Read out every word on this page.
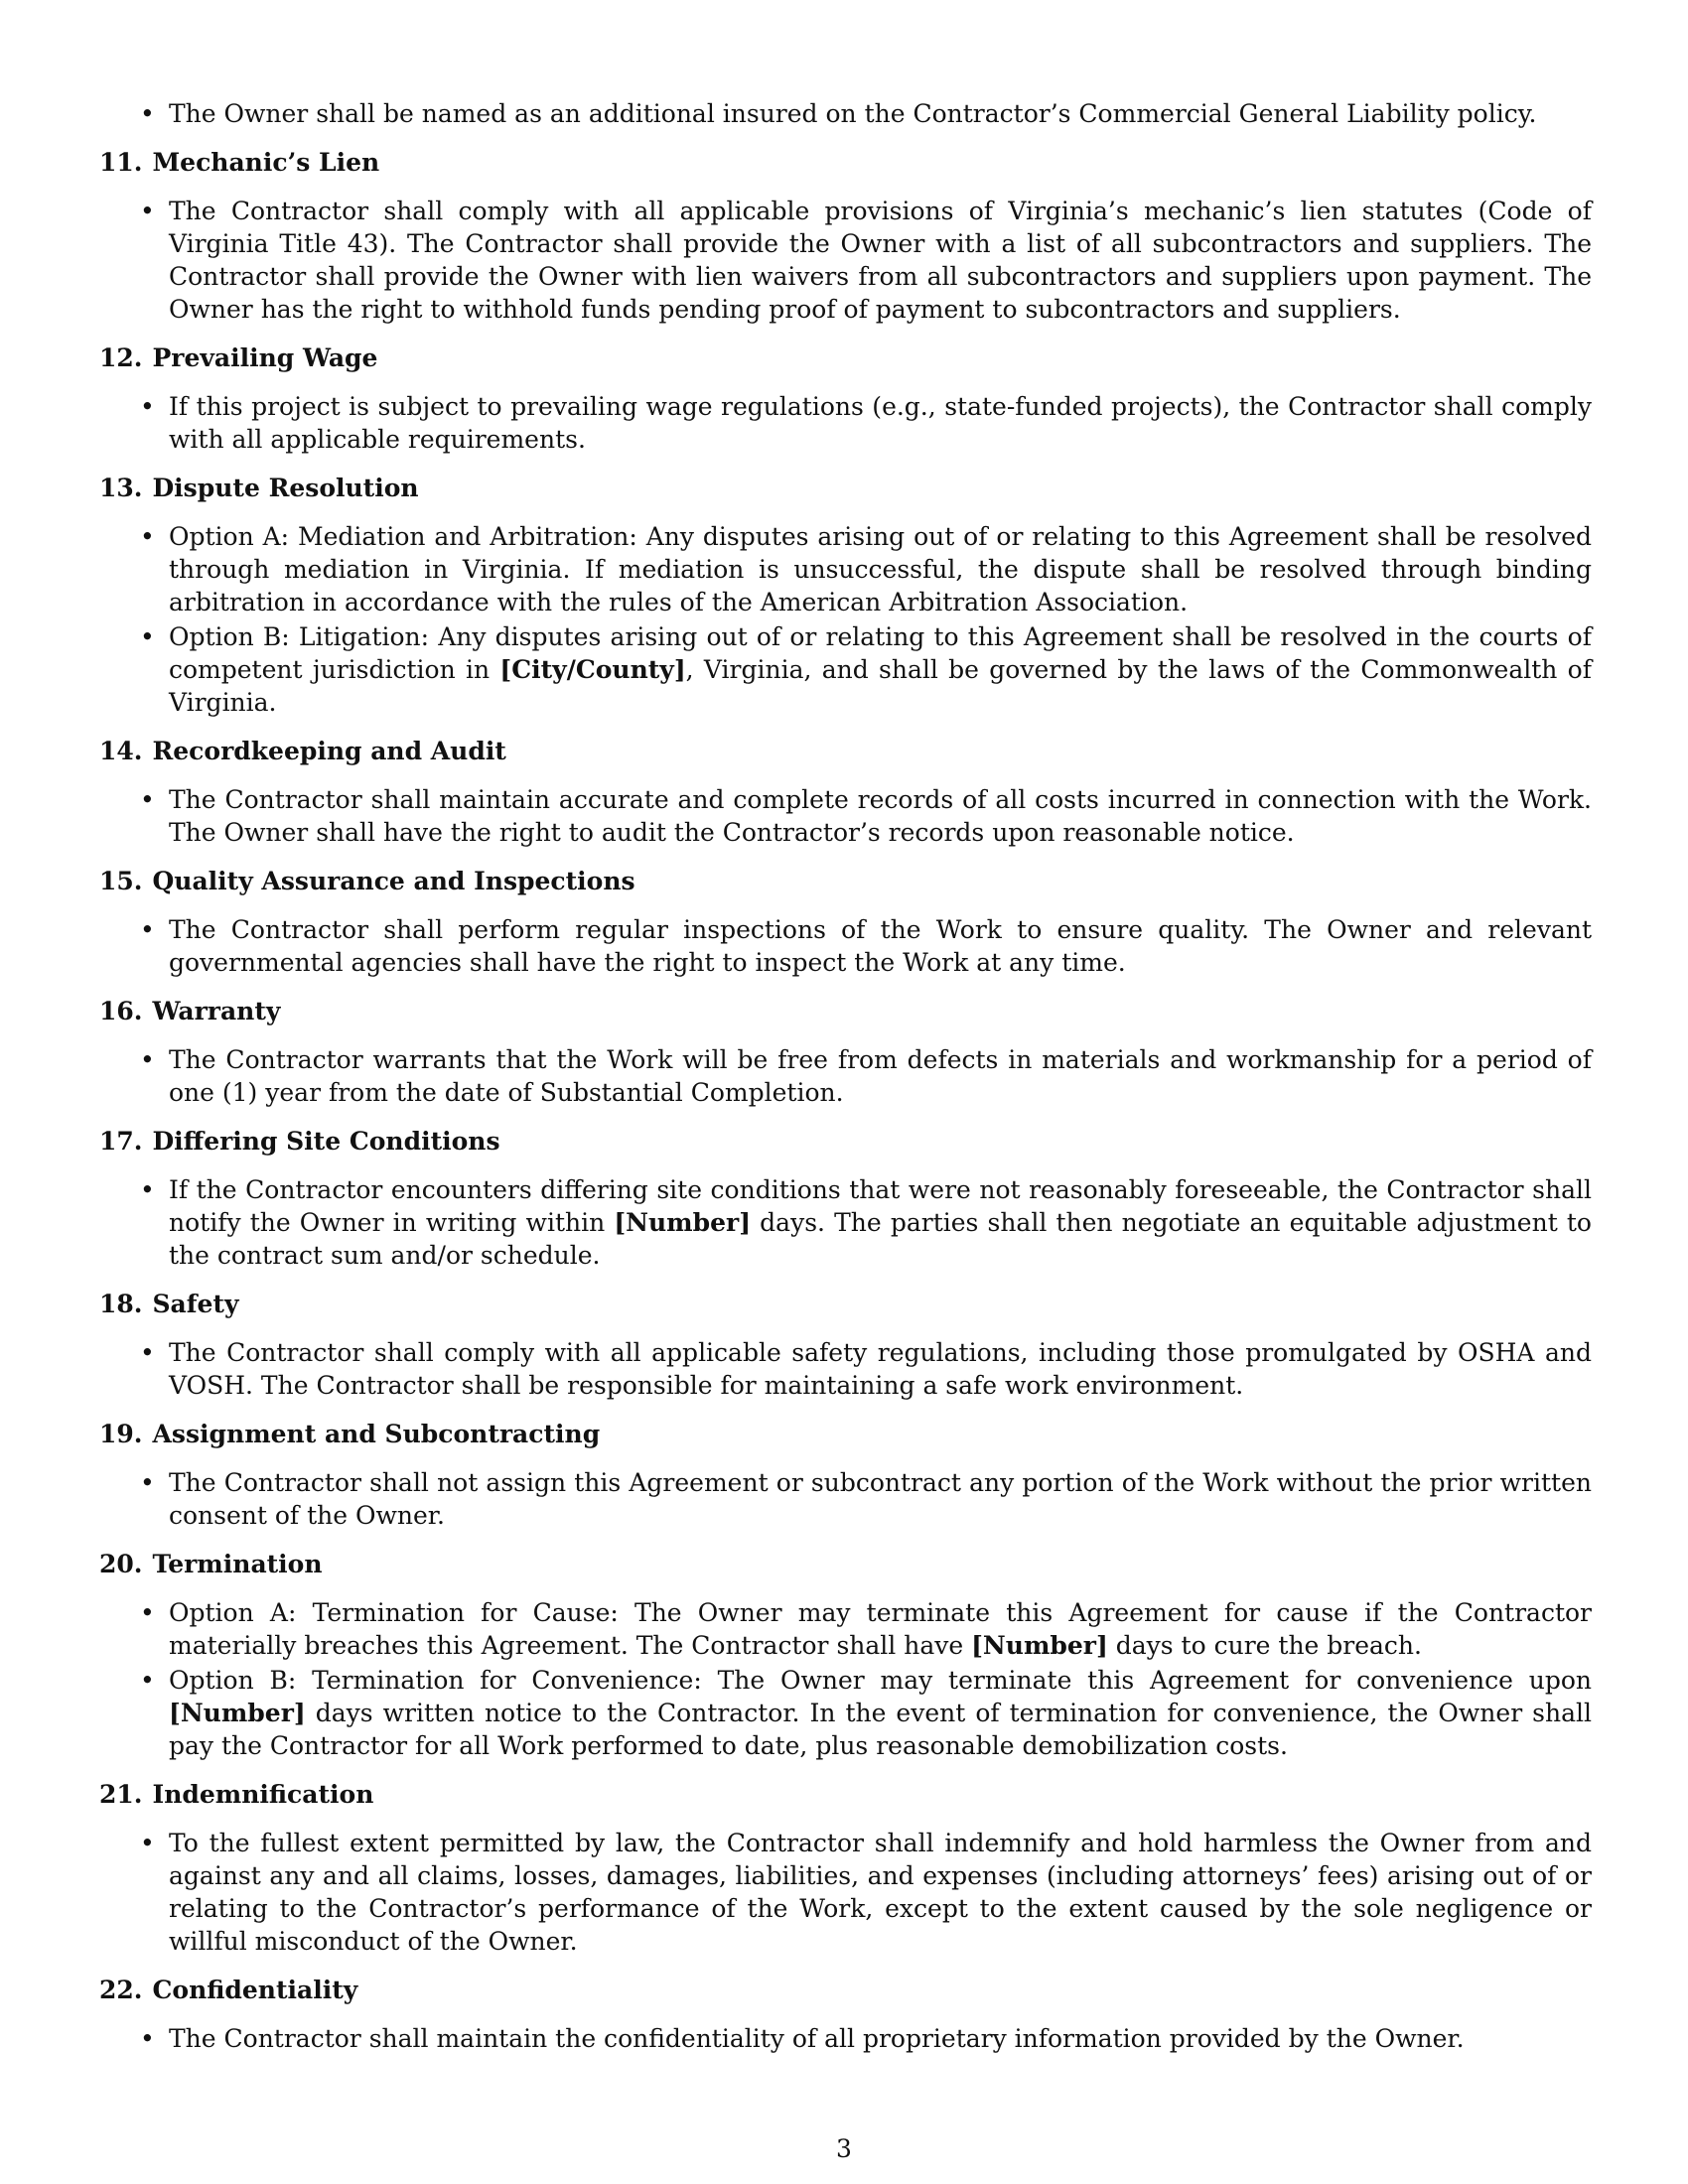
• The Owner shall be named as an additional insured on the Contractor’s Commercial General Liability policy.
11. Mechanic’s Lien
• The Contractor shall comply with all applicable provisions of Virginia’s mechanic’s lien statutes (Code of Virginia Title 43). The Contractor shall provide the Owner with a list of all subcontractors and suppliers. The Contractor shall provide the Owner with lien waivers from all subcontractors and suppliers upon payment. The Owner has the right to withhold funds pending proof of payment to subcontractors and suppliers.
12. Prevailing Wage
• If this project is subject to prevailing wage regulations (e.g., state-funded projects), the Contractor shall comply with all applicable requirements.
13. Dispute Resolution
• Option A: Mediation and Arbitration: Any disputes arising out of or relating to this Agreement shall be resolved through mediation in Virginia. If mediation is unsuccessful, the dispute shall be resolved through binding arbitration in accordance with the rules of the American Arbitration Association.
• Option B: Litigation: Any disputes arising out of or relating to this Agreement shall be resolved in the courts of competent jurisdiction in [City/County], Virginia, and shall be governed by the laws of the Commonwealth of Virginia.
14. Recordkeeping and Audit
• The Contractor shall maintain accurate and complete records of all costs incurred in connection with the Work. The Owner shall have the right to audit the Contractor’s records upon reasonable notice.
15. Quality Assurance and Inspections
• The Contractor shall perform regular inspections of the Work to ensure quality. The Owner and relevant governmental agencies shall have the right to inspect the Work at any time.
16. Warranty
• The Contractor warrants that the Work will be free from defects in materials and workmanship for a period of one (1) year from the date of Substantial Completion.
17. Differing Site Conditions
• If the Contractor encounters differing site conditions that were not reasonably foreseeable, the Contractor shall notify the Owner in writing within [Number] days. The parties shall then negotiate an equitable adjustment to the contract sum and/or schedule.
18. Safety
• The Contractor shall comply with all applicable safety regulations, including those promulgated by OSHA and VOSH. The Contractor shall be responsible for maintaining a safe work environment.
19. Assignment and Subcontracting
• The Contractor shall not assign this Agreement or subcontract any portion of the Work without the prior written consent of the Owner.
20. Termination
• Option A: Termination for Cause: The Owner may terminate this Agreement for cause if the Contractor materially breaches this Agreement. The Contractor shall have [Number] days to cure the breach.
• Option B: Termination for Convenience: The Owner may terminate this Agreement for convenience upon [Number] days written notice to the Contractor. In the event of termination for convenience, the Owner shall pay the Contractor for all Work performed to date, plus reasonable demobilization costs.
21. Indemnification
• To the fullest extent permitted by law, the Contractor shall indemnify and hold harmless the Owner from and against any and all claims, losses, damages, liabilities, and expenses (including attorneys’ fees) arising out of or relating to the Contractor’s performance of the Work, except to the extent caused by the sole negligence or willful misconduct of the Owner.
22. Confidentiality
• The Contractor shall maintain the confidentiality of all proprietary information provided by the Owner.
3
